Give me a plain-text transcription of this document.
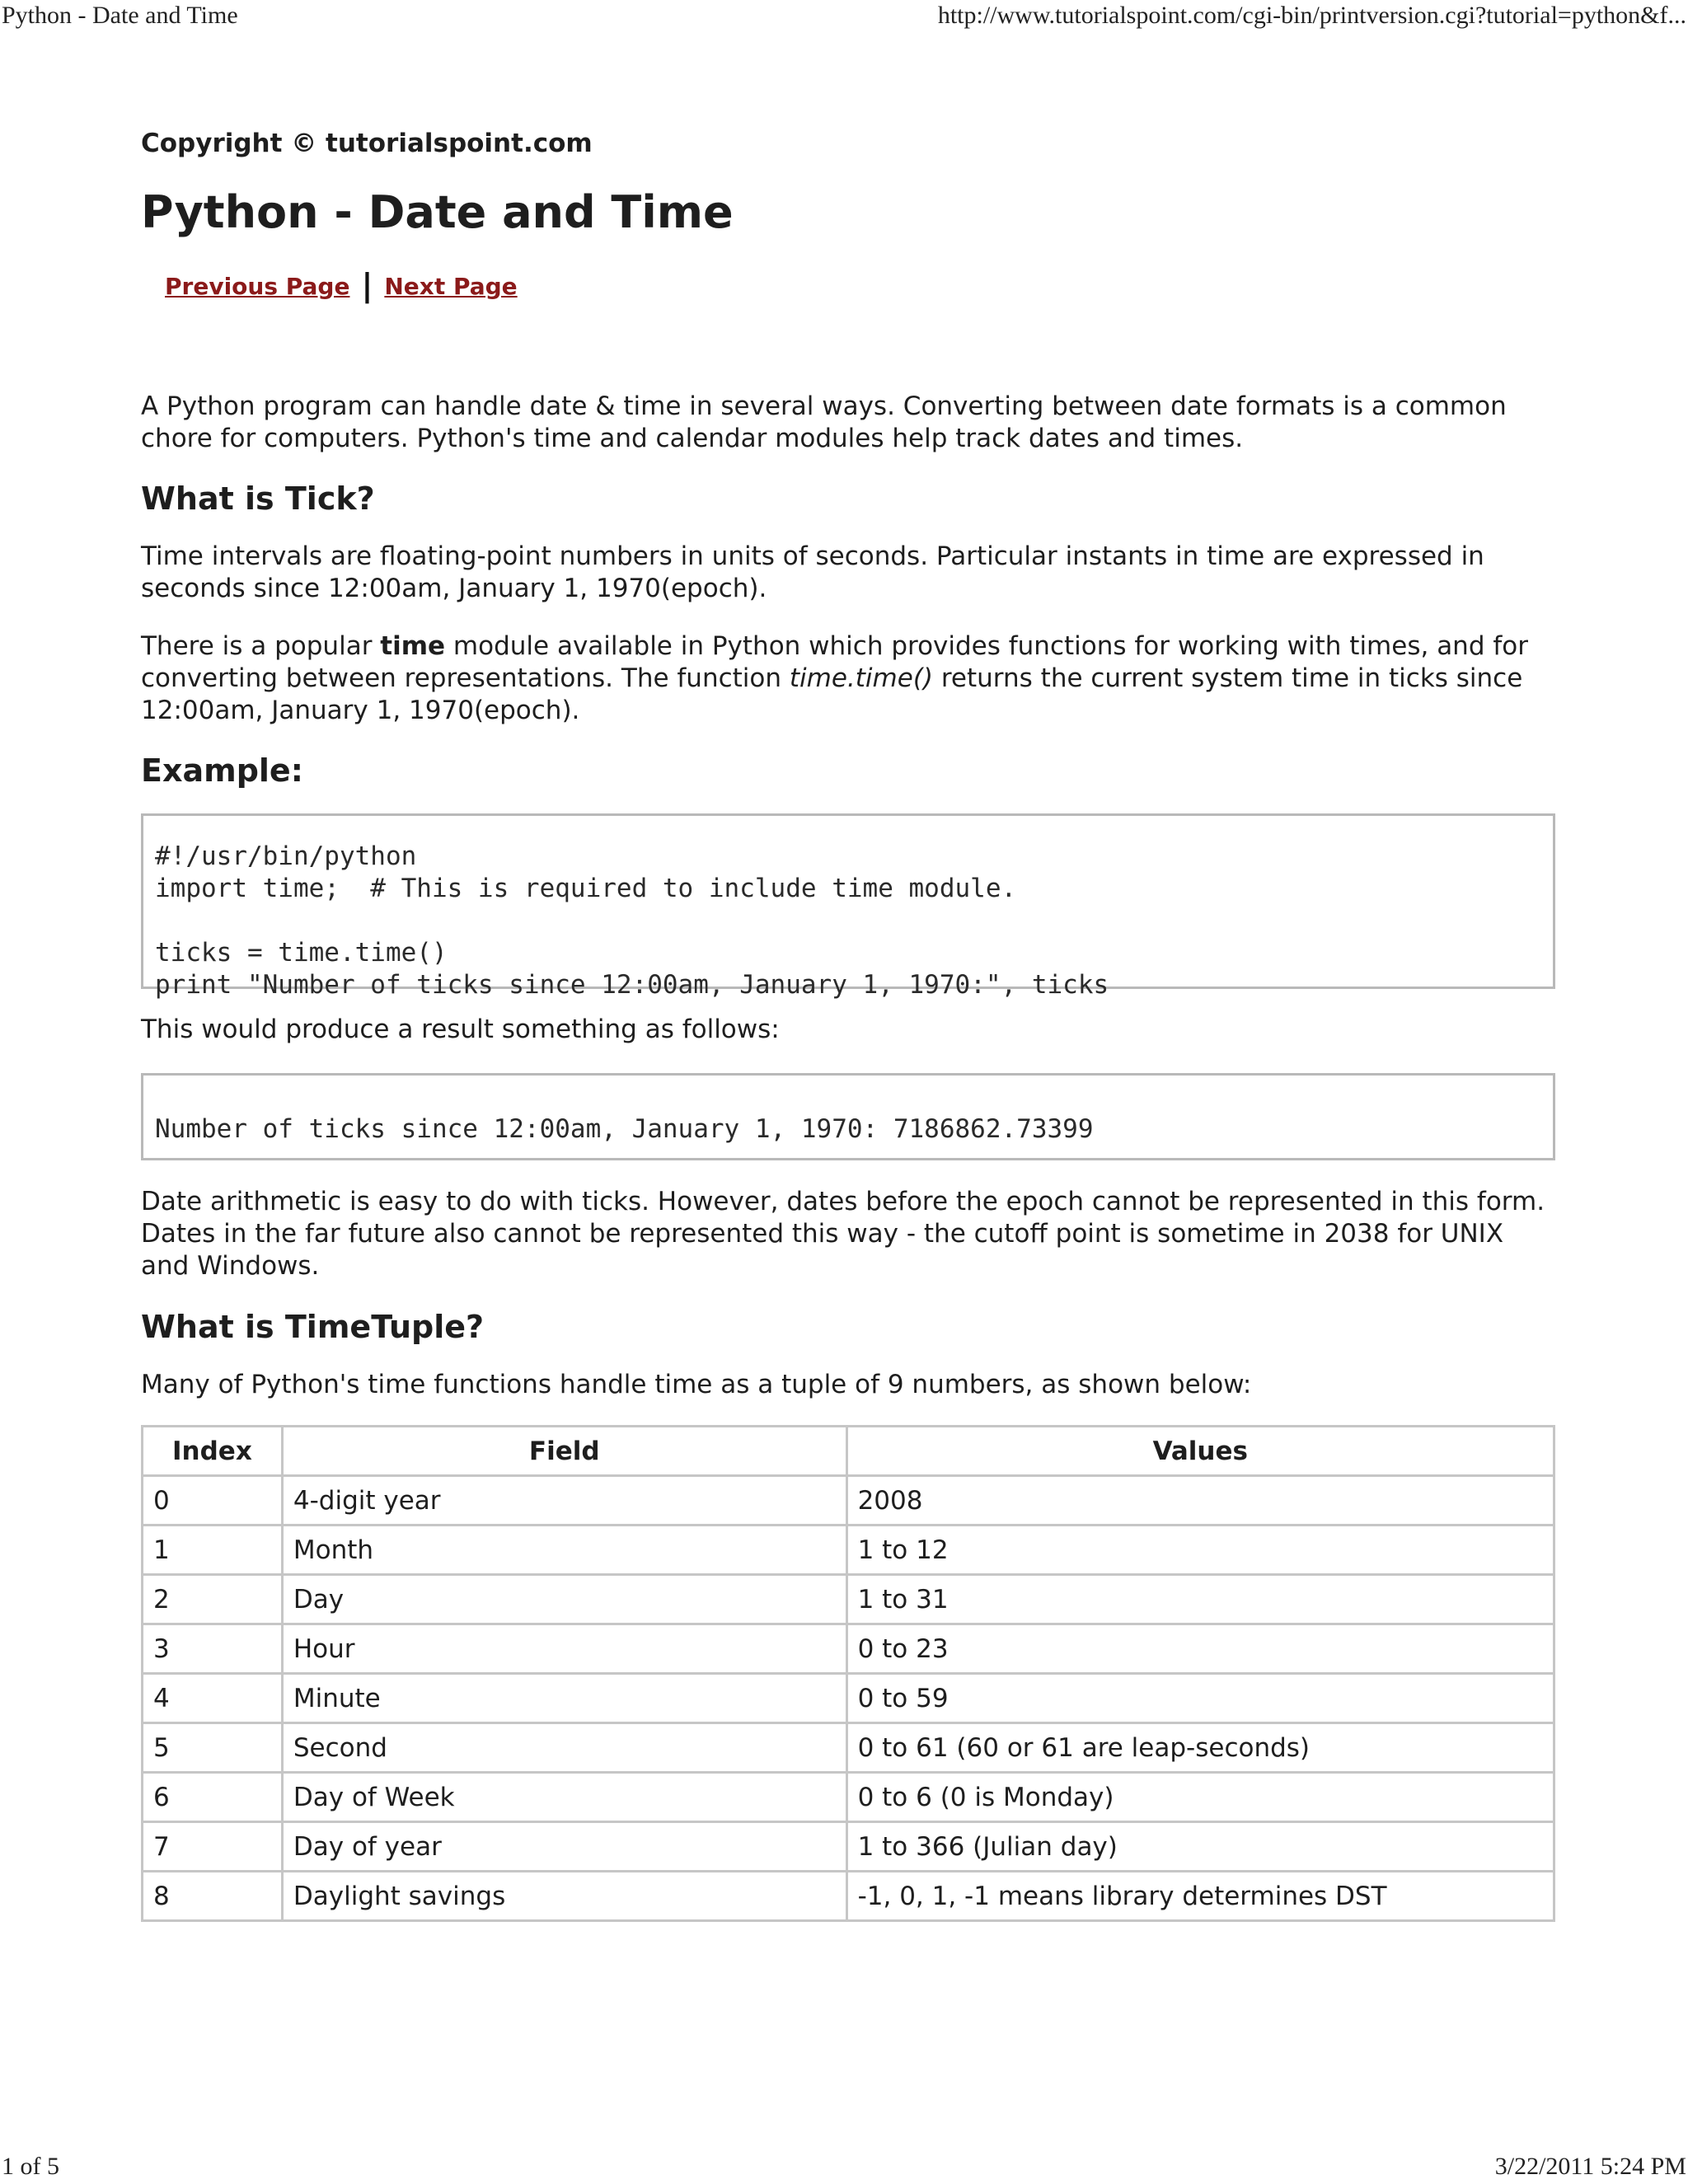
Python - Date and Time	http://www.tutorialspoint.com/cgi-bin/printversion.cgi?tutorial=python&f...
Copyright © tutorialspoint.com
Python - Date and Time
Previous Page | Next Page

A Python program can handle date & time in several ways. Converting between date formats is a common chore for computers. Python's time and calendar modules help track dates and times.

What is Tick?

Time intervals are floating-point numbers in units of seconds. Particular instants in time are expressed in seconds since 12:00am, January 1, 1970(epoch).

There is a popular time module available in Python which provides functions for working with times, and for converting between representations. The function time.time() returns the current system time in ticks since 12:00am, January 1, 1970(epoch).

Example:
#!/usr/bin/python
import time;  # This is required to include time module.

ticks = time.time()
print "Number of ticks since 12:00am, January 1, 1970:", ticks

This would produce a result something as follows:

Number of ticks since 12:00am, January 1, 1970: 7186862.73399

Date arithmetic is easy to do with ticks. However, dates before the epoch cannot be represented in this form. Dates in the far future also cannot be represented this way - the cutoff point is sometime in 2038 for UNIX and Windows.

What is TimeTuple?

Many of Python's time functions handle time as a tuple of 9 numbers, as shown below:

Index	Field	Values
0	4-digit year	2008
1	Month	1 to 12
2	Day	1 to 31
3	Hour	0 to 23
4	Minute	0 to 59
5	Second	0 to 61 (60 or 61 are leap-seconds)
6	Day of Week	0 to 6 (0 is Monday)
7	Day of year	1 to 366 (Julian day)
8	Daylight savings	-1, 0, 1, -1 means library determines DST
1 of 5	3/22/2011 5:24 PM
